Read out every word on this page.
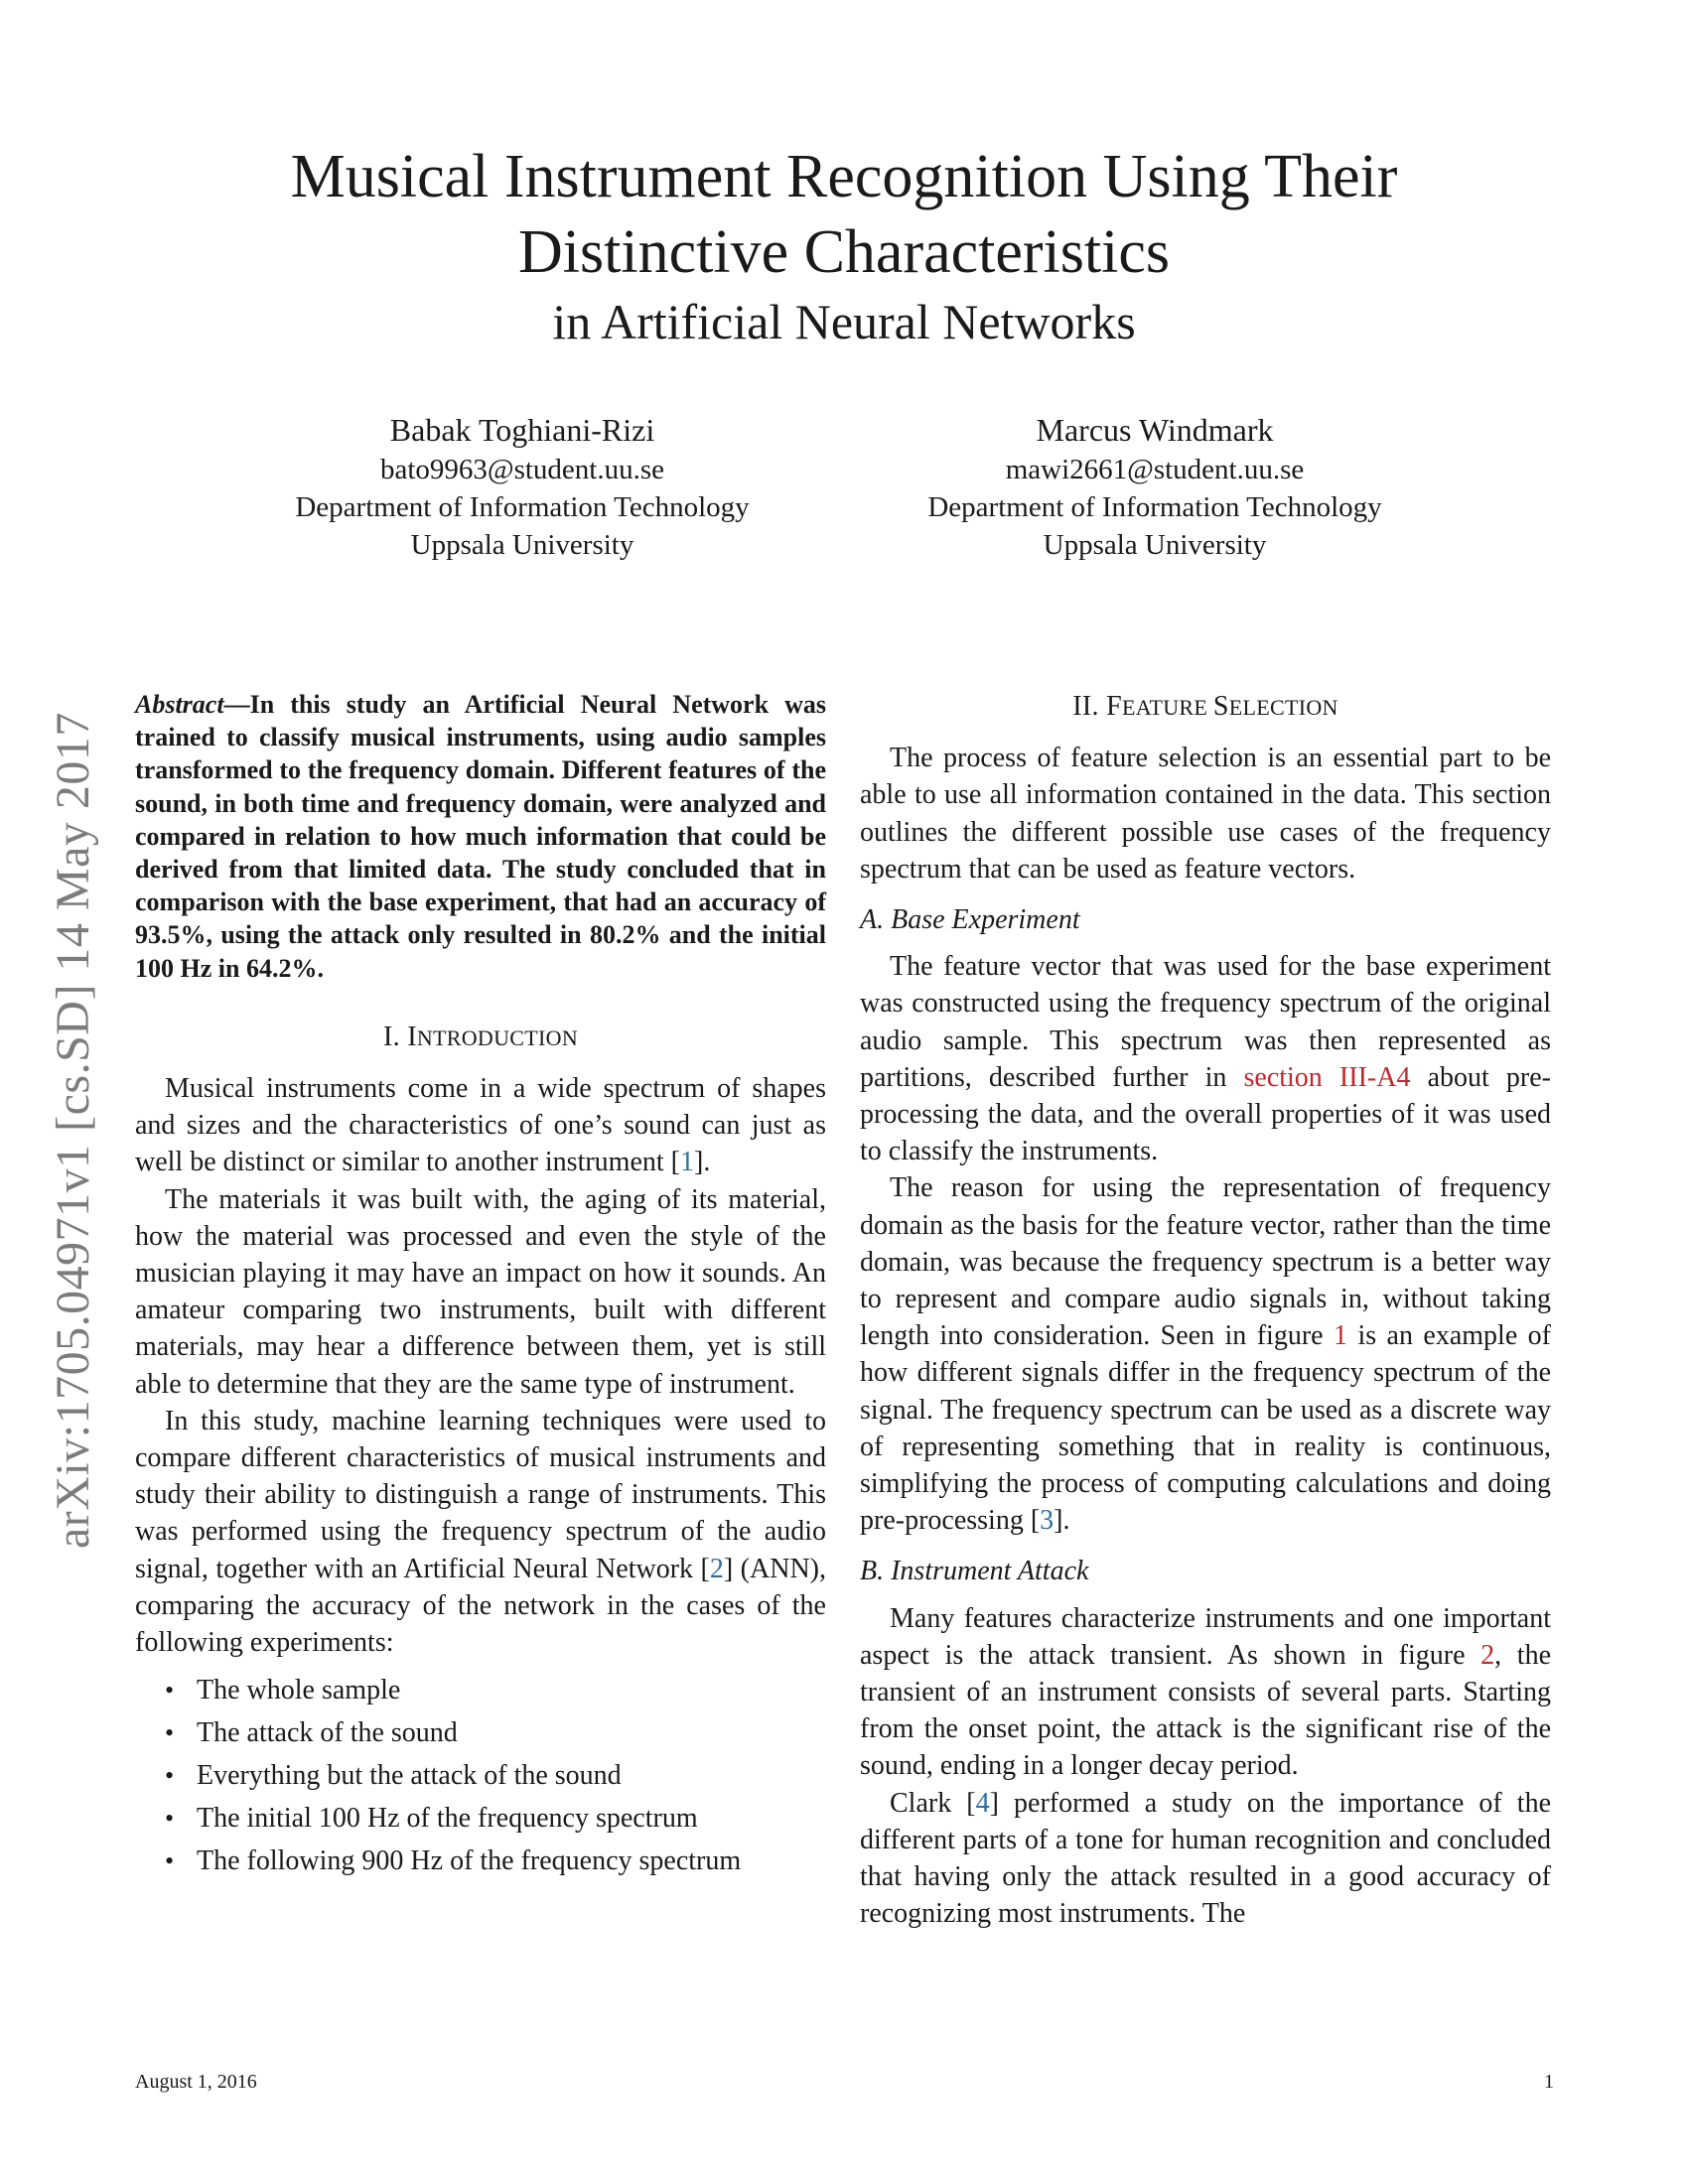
arXiv:1705.04971v1 [cs.SD] 14 May 2017
Musical Instrument Recognition Using Their
Distinctive Characteristics
in Artificial Neural Networks
Babak Toghiani-Rizi
bato9963@student.uu.se
Department of Information Technology
Uppsala University
Marcus Windmark
mawi2661@student.uu.se
Department of Information Technology
Uppsala University

Abstract—In this study an Artificial Neural Network was trained to classify musical instruments, using audio samples transformed to the frequency domain. Different features of the sound, in both time and frequency domain, were analyzed and compared in relation to how much information that could be derived from that limited data. The study concluded that in comparison with the base experiment, that had an accuracy of 93.5%, using the attack only resulted in 80.2% and the initial 100 Hz in 64.2%.

I. INTRODUCTION

Musical instruments come in a wide spectrum of shapes and sizes and the characteristics of one’s sound can just as well be distinct or similar to another instrument [1].

The materials it was built with, the aging of its material, how the material was processed and even the style of the musician playing it may have an impact on how it sounds. An amateur comparing two instruments, built with different materials, may hear a difference between them, yet is still able to determine that they are the same type of instrument.

In this study, machine learning techniques were used to compare different characteristics of musical instruments and study their ability to distinguish a range of instruments. This was performed using the frequency spectrum of the audio signal, together with an Artificial Neural Network [2] (ANN), comparing the accuracy of the network in the cases of the following experiments:

• The whole sample
• The attack of the sound
• Everything but the attack of the sound
• The initial 100 Hz of the frequency spectrum
• The following 900 Hz of the frequency spectrum
II. FEATURE SELECTION

The process of feature selection is an essential part to be able to use all information contained in the data. This section outlines the different possible use cases of the frequency spectrum that can be used as feature vectors.

A. Base Experiment

The feature vector that was used for the base experiment was constructed using the frequency spectrum of the original audio sample. This spectrum was then represented as partitions, described further in section III-A4 about pre-processing the data, and the overall properties of it was used to classify the instruments.

The reason for using the representation of frequency domain as the basis for the feature vector, rather than the time domain, was because the frequency spectrum is a better way to represent and compare audio signals in, without taking length into consideration. Seen in figure 1 is an example of how different signals differ in the frequency spectrum of the signal. The frequency spectrum can be used as a discrete way of representing something that in reality is continuous, simplifying the process of computing calculations and doing pre-processing [3].

B. Instrument Attack

Many features characterize instruments and one important aspect is the attack transient. As shown in figure 2, the transient of an instrument consists of several parts. Starting from the onset point, the attack is the significant rise of the sound, ending in a longer decay period.

Clark [4] performed a study on the importance of the different parts of a tone for human recognition and concluded that having only the attack resulted in a good accuracy of recognizing most instruments. The

August 1, 2016	1
